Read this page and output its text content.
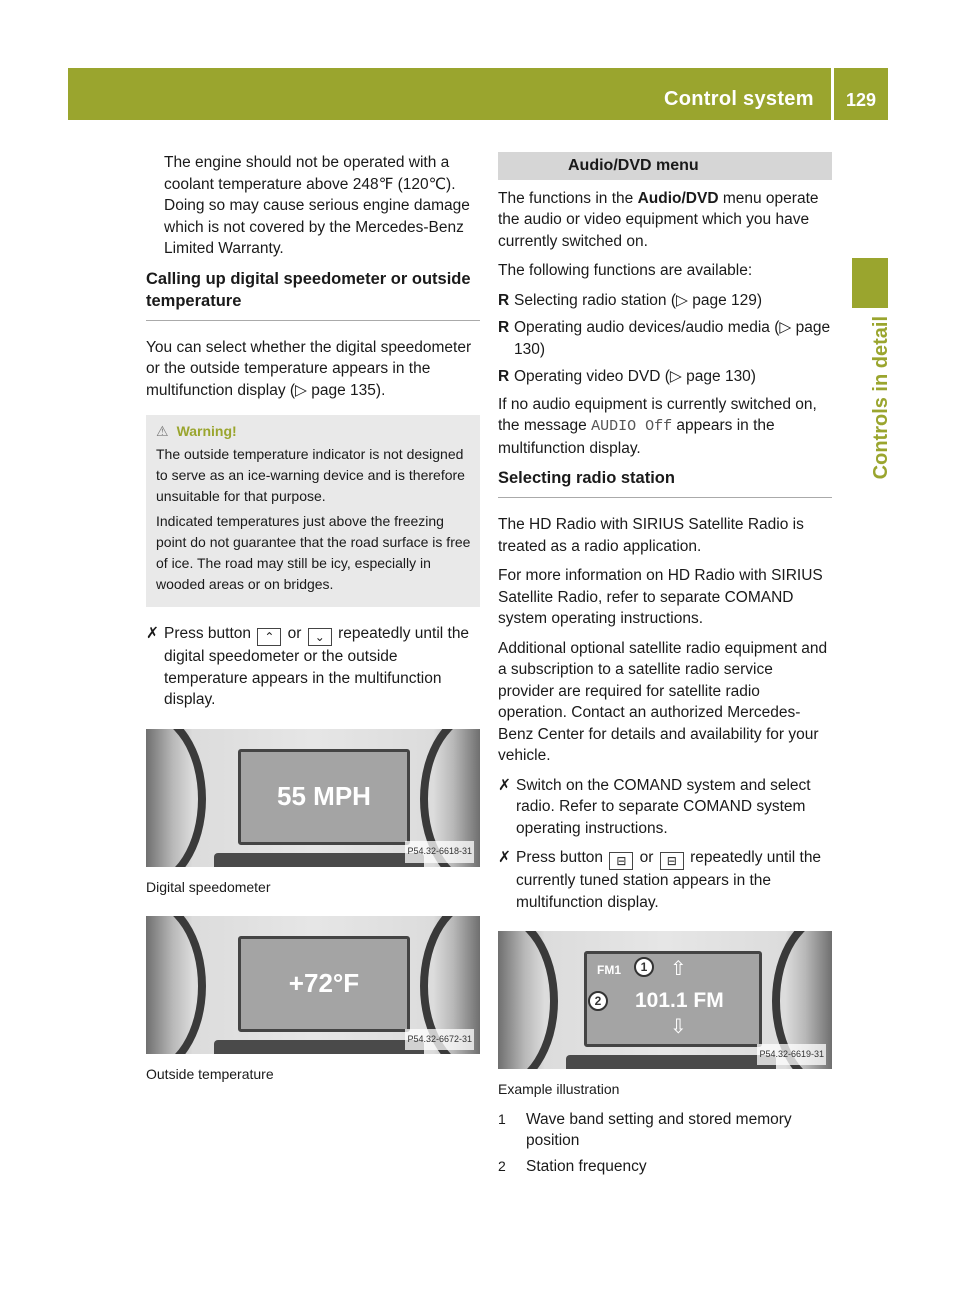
Control system 129
Controls in detail

The engine should not be operated with a coolant temperature above 248℉ (120℃). Doing so may cause serious engine damage which is not covered by the Mercedes-Benz Limited Warranty.

Calling up digital speedometer or outside temperature

You can select whether the digital speedometer or the outside temperature appears in the multifunction display (▷ page 135).

⚠ Warning!

The outside temperature indicator is not designed to serve as an ice-warning device and is therefore unsuitable for that purpose.

Indicated temperatures just above the freezing point do not guarantee that the road surface is free of ice. The road may still be icy, especially in wooded areas or on bridges.

✗ Press button ⌃ or ⌄ repeatedly until the digital speedometer or the outside temperature appears in the multifunction display.
55 MPH
P54.32-6618-31
Digital speedometer
+72°F
P54.32-6672-31
Outside temperature
Audio/DVD menu

The functions in the Audio/DVD menu operate the audio or video equipment which you have currently switched on.

The following functions are available:

R Selecting radio station (▷ page 129)
R Operating audio devices/audio media (▷ page 130)
R Operating video DVD (▷ page 130)

If no audio equipment is currently switched on, the message AUDIO Off appears in the multifunction display.

Selecting radio station

The HD Radio with SIRIUS Satellite Radio is treated as a radio application.

For more information on HD Radio with SIRIUS Satellite Radio, refer to separate COMAND system operating instructions.

Additional optional satellite radio equipment and a subscription to a satellite radio service provider are required for satellite radio operation. Contact an authorized Mercedes-Benz Center for details and availability for your vehicle.

✗ Switch on the COMAND system and select radio. Refer to separate COMAND system operating instructions.
✗ Press button ⊟ or ⊟ repeatedly until the currently tuned station appears in the multifunction display.
FM1
101.1 FM
⇧
⇩
1
2
P54.32-6619-31
Example illustration
1	Wave band setting and stored memory position
2	Station frequency
